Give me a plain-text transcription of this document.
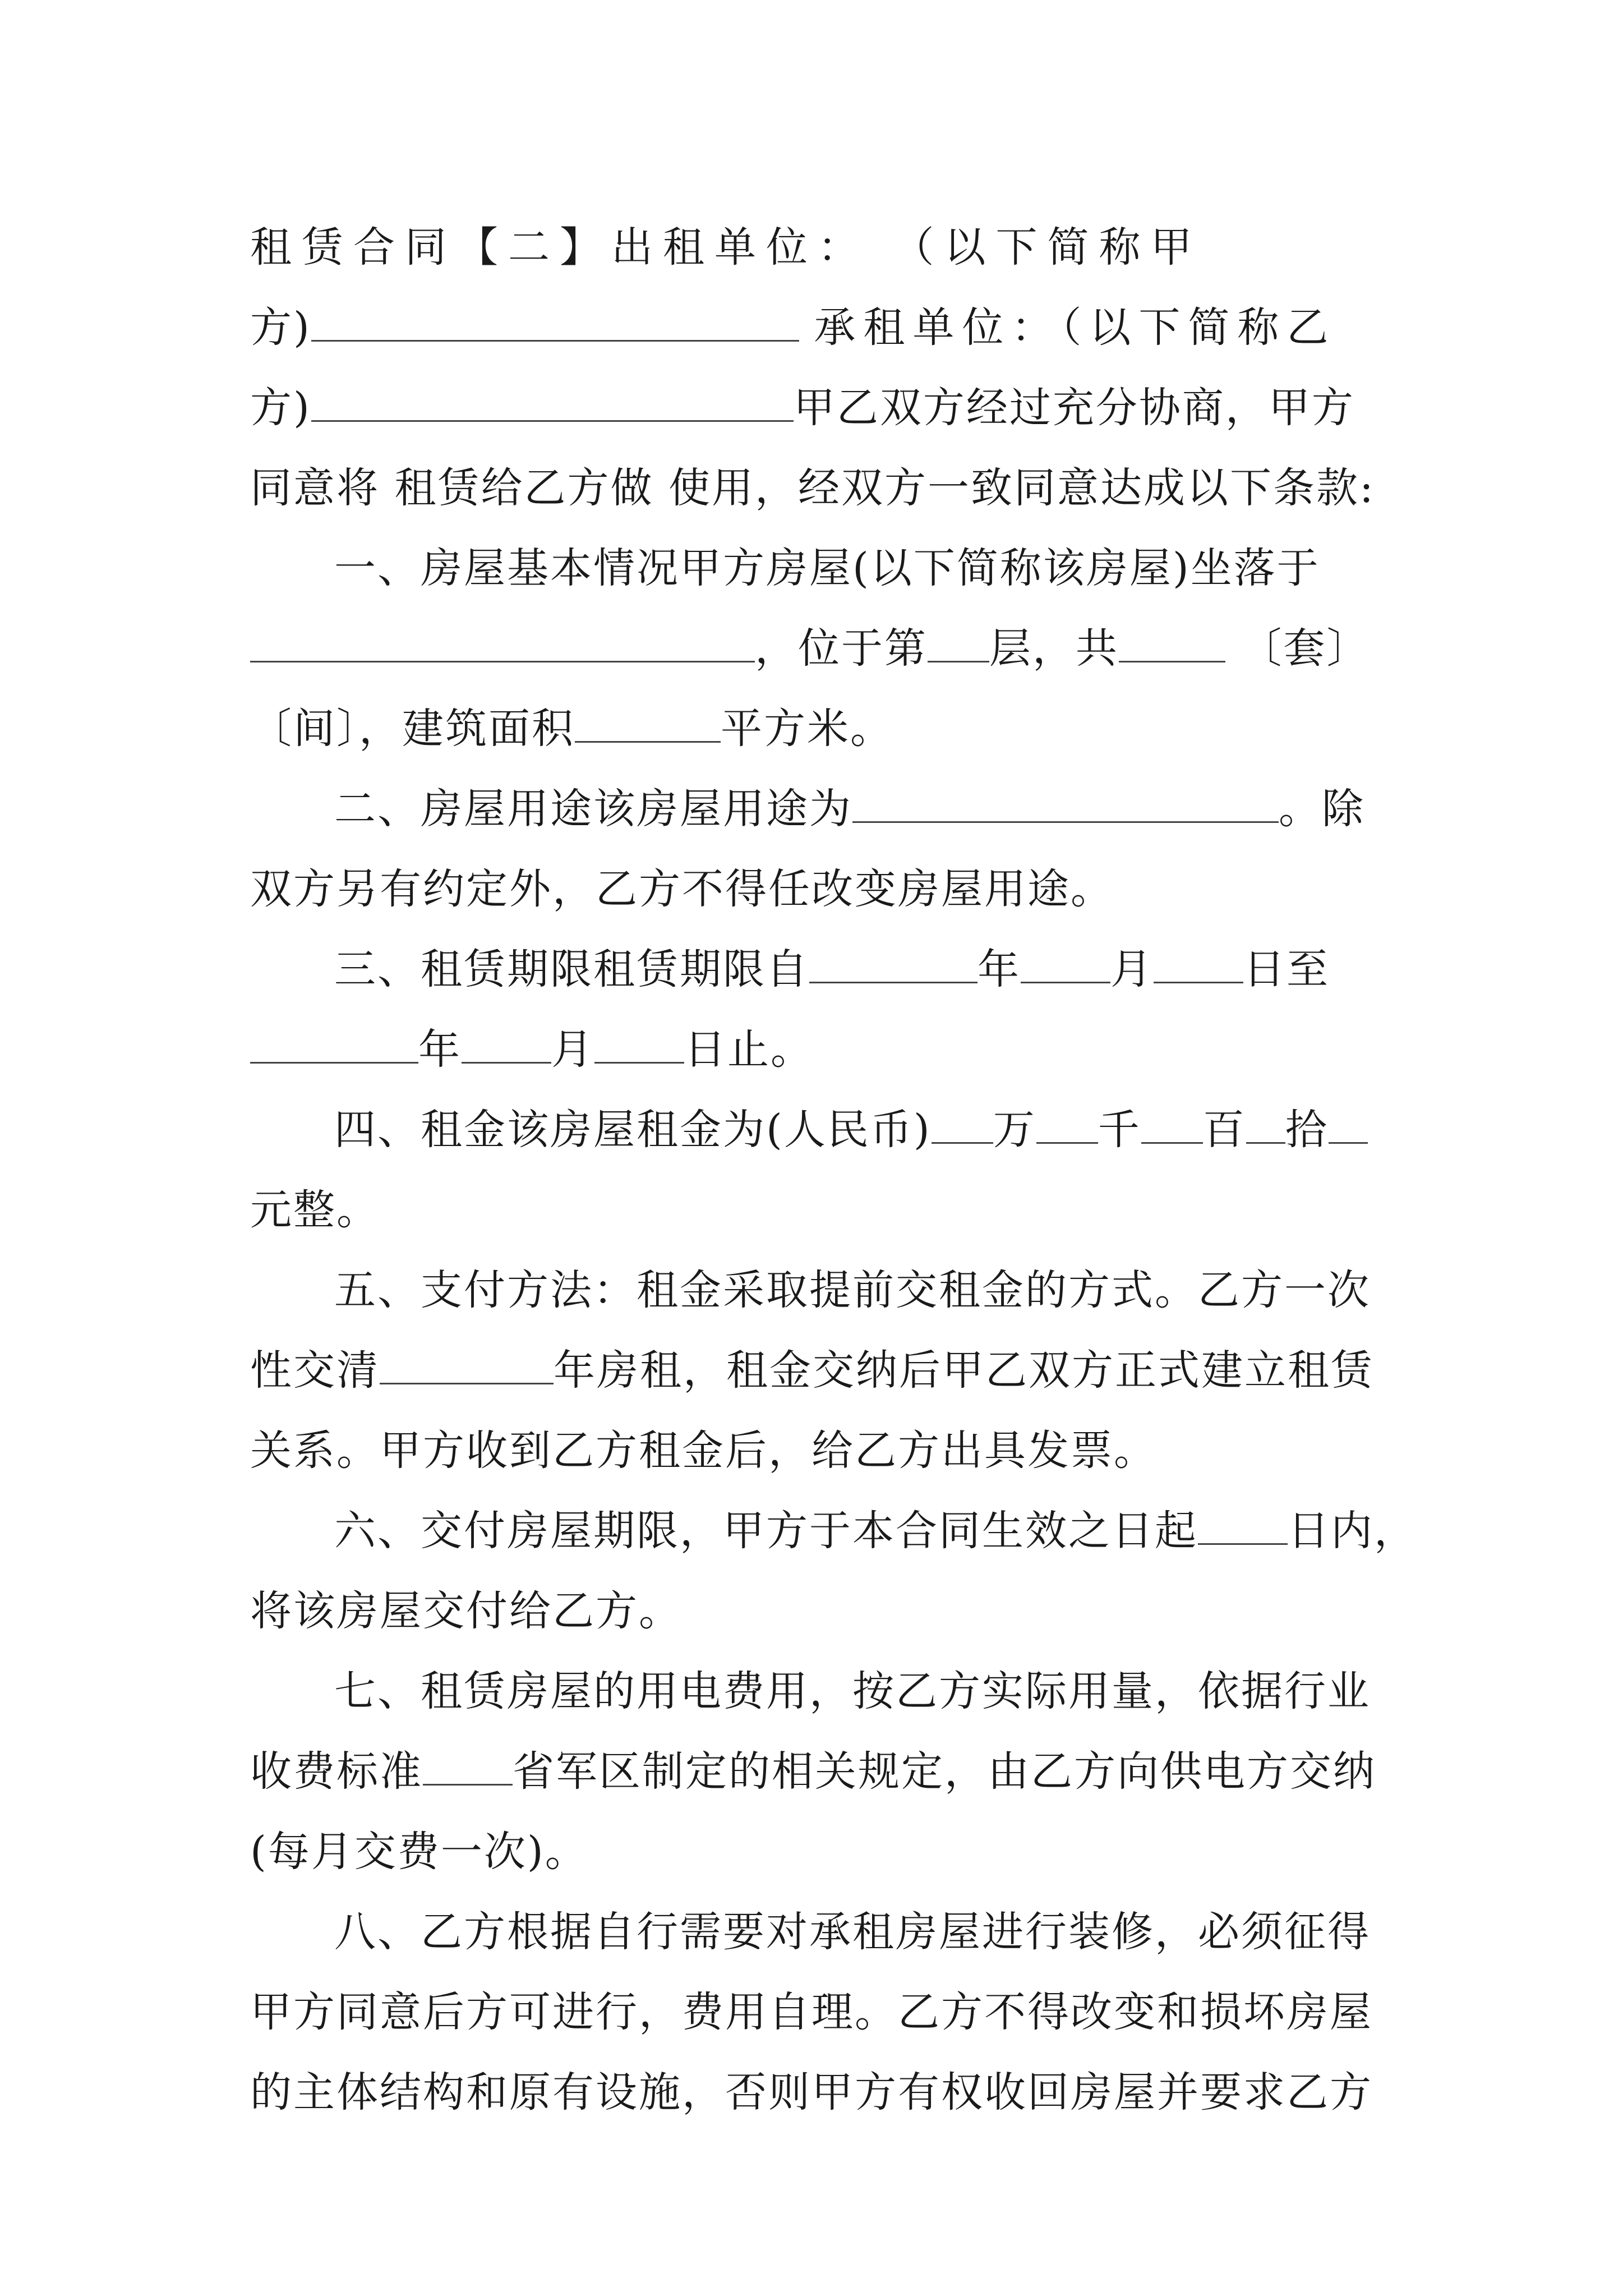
租赁合同【二】出租单位： （以下简称甲
方)	承租单位：（以下简称乙
方)	甲乙双方经过充分协商，甲方
同意将 租赁给乙方做 使用，经双方一致同意达成以下条款:
一、房屋基本情况甲方房屋(以下简称该房屋)坐落于
，位于第 层，共	〔套〕
〔间〕，建筑面积	平方米。
二、房屋用途该房屋用途为	。除
双方另有约定外，乙方不得任改变房屋用途。
三、租赁期限租赁期限自	年 月 日至
年 月 日止。
四、租金该房屋租金为(人民币) 万 千 百 拾
元整。
五、支付方法：租金采取提前交租金的方式。乙方一次
性交清	年房租，租金交纳后甲乙双方正式建立租赁
关系。甲方收到乙方租金后，给乙方出具发票。
六、交付房屋期限，甲方于本合同生效之日起 日内，
将该房屋交付给乙方。
七、租赁房屋的用电费用，按乙方实际用量，依据行业
收费标准 省军区制定的相关规定，由乙方向供电方交纳
(每月交费一次)。
八、乙方根据自行需要对承租房屋进行装修，必须征得
甲方同意后方可进行，费用自理。乙方不得改变和损坏房屋
的主体结构和原有设施，否则甲方有权收回房屋并要求乙方
